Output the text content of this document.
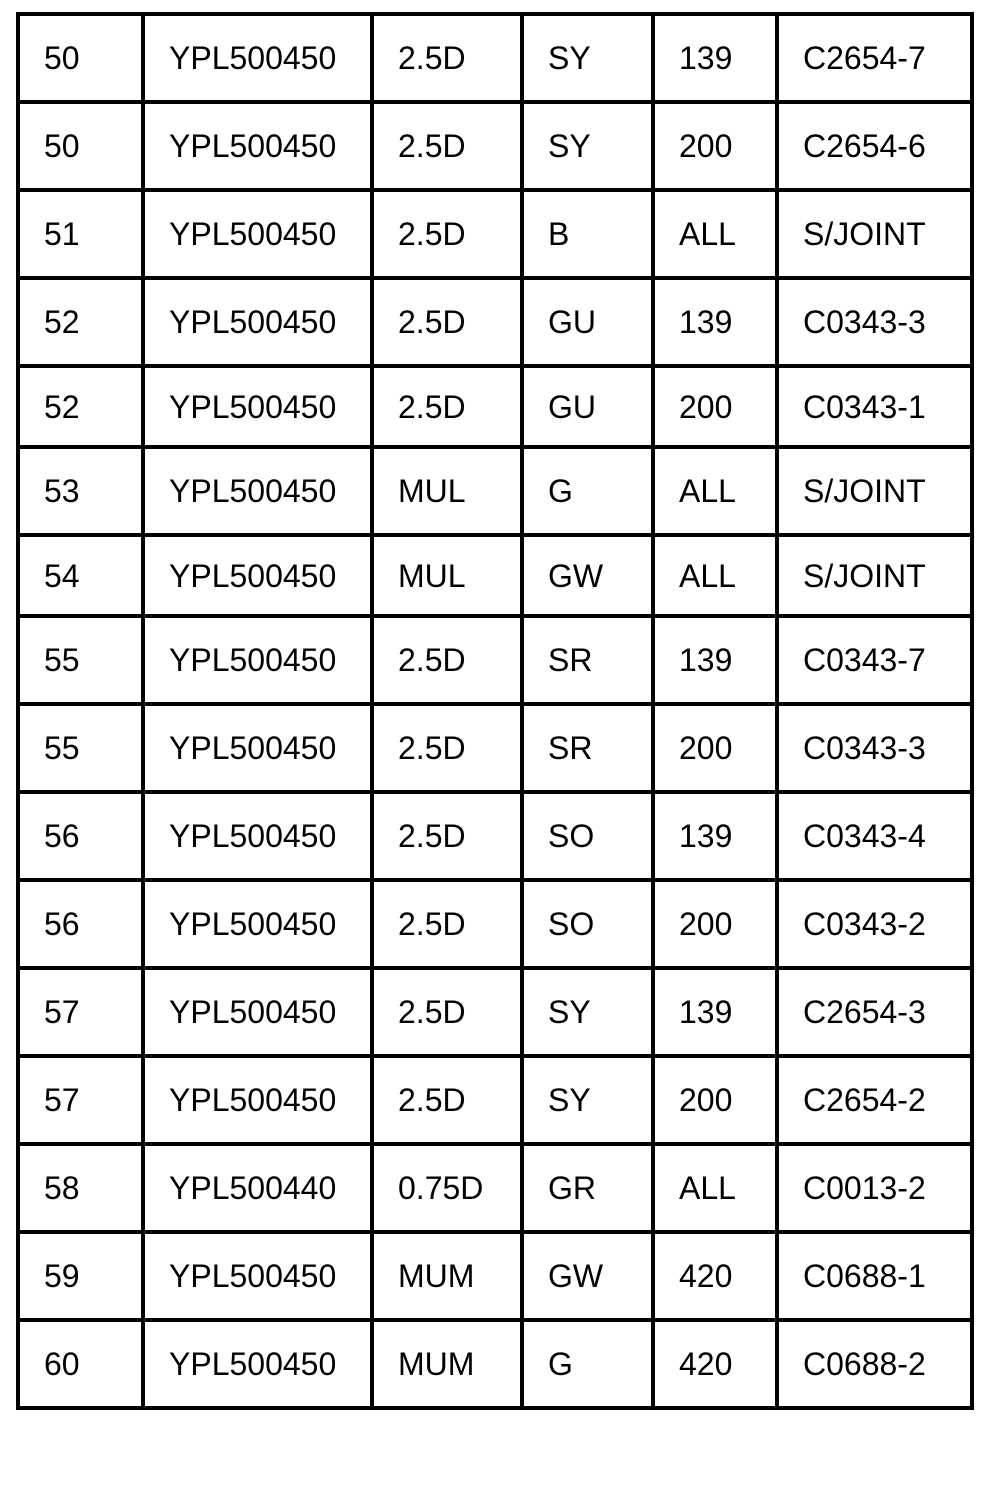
50	YPL500450	2.5D	SY	139	C2654-7
50	YPL500450	2.5D	SY	200	C2654-6
51	YPL500450	2.5D	B	ALL	S/JOINT
52	YPL500450	2.5D	GU	139	C0343-3
52	YPL500450	2.5D	GU	200	C0343-1
53	YPL500450	MUL	G	ALL	S/JOINT
54	YPL500450	MUL	GW	ALL	S/JOINT
55	YPL500450	2.5D	SR	139	C0343-7
55	YPL500450	2.5D	SR	200	C0343-3
56	YPL500450	2.5D	SO	139	C0343-4
56	YPL500450	2.5D	SO	200	C0343-2
57	YPL500450	2.5D	SY	139	C2654-3
57	YPL500450	2.5D	SY	200	C2654-2
58	YPL500440	0.75D	GR	ALL	C0013-2
59	YPL500450	MUM	GW	420	C0688-1
60	YPL500450	MUM	G	420	C0688-2
